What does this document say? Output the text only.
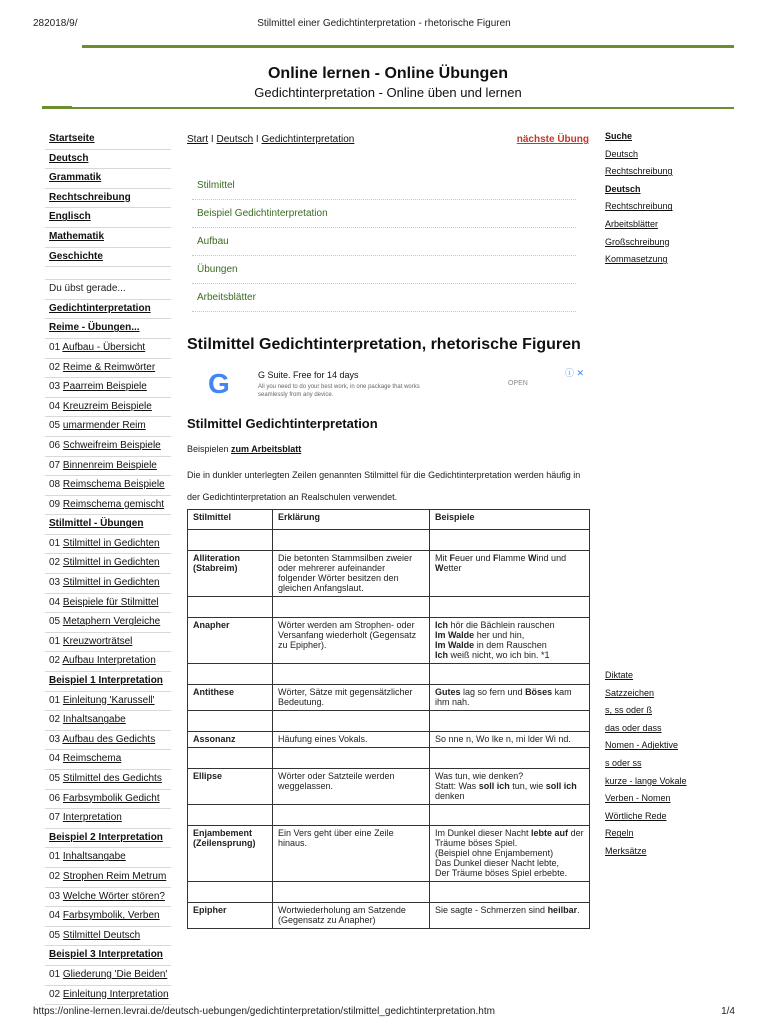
282018/9/	Stilmittel einer Gedichtinterpretation - rhetorische Figuren
Online lernen - Online Übungen
Gedichtinterpretation - Online üben und lernen
Startseite
Deutsch
Grammatik
Rechtschreibung
Englisch
Mathematik
Geschichte
Du übst gerade...
Gedichtinterpretation
Reime - Übungen...
01 Aufbau - Übersicht
02 Reime & Reimwörter
03 Paarreim Beispiele
04 Kreuzreim Beispiele
05 umarmender Reim
06 Schweifreim Beispiele
07 Binnenreim Beispiele
08 Reimschema Beispiele
09 Reimschema gemischt
Stilmittel - Übungen
01 Stilmittel in Gedichten
02 Stilmittel in Gedichten
03 Stilmittel in Gedichten
04 Beispiele für Stilmittel
05 Metaphern Vergleiche
01 Kreuzworträtsel
02 Aufbau Interpretation
Beispiel 1 Interpretation
01 Einleitung 'Karussell'
02 Inhaltsangabe
03 Aufbau des Gedichts
04 Reimschema
05 Stilmittel des Gedichts
06 Farbsymbolik Gedicht
07 Interpretation
Beispiel 2 Interpretation
01 Inhaltsangabe
02 Strophen Reim Metrum
03 Welche Wörter stören?
04 Farbsymbolik, Verben
05 Stilmittel Deutsch
Beispiel 3 Interpretation
01 Gliederung 'Die Beiden'
02 Einleitung Interpretation
Start I Deutsch I Gedichtinterpretation	nächste Übung
Stilmittel
Beispiel Gedichtinterpretation
Aufbau
Übungen
Arbeitsblätter
Stilmittel Gedichtinterpretation, rhetorische Figuren
G	G Suite. Free for 14 days
All you need to do your best work, in one package that works seamlessly from any device.
OPEN
ⓘ ✕
Stilmittel Gedichtinterpretation
Beispielen zum Arbeitsblatt
Die in dunkler unterlegten Zeilen genannten Stilmittel für die Gedichtinterpretation werden häufig in der Gedichtinterpretation an Realschulen verwendet.
Stilmittel	Erklärung	Beispiele

Alliteration (Stabreim)	Die betonten Stammsilben zweier oder mehrerer aufeinander folgender Wörter besitzen den gleichen Anfangslaut.	Mit Feuer und Flamme Wind und Wetter

Anapher	Wörter werden am Strophen- oder Versanfang wiederholt (Gegensatz zu Epipher).	Ich hör die Bächlein rauschen
Im Walde her und hin,
Im Walde in dem Rauschen
Ich weiß nicht, wo ich bin. *1

Antithese	Wörter, Sätze mit gegensätzlicher Bedeutung.	Gutes lag so fern und Böses kam ihm nah.

Assonanz	Häufung eines Vokals.	So nne n, Wo lke n, mi lder Wi nd.

Ellipse	Wörter oder Satzteile werden weggelassen.	Was tun, wie denken?
Statt: Was soll ich tun, wie soll ich denken

Enjambement (Zeilensprung)	Ein Vers geht über eine Zeile hinaus.	Im Dunkel dieser Nacht lebte auf der Träume böses Spiel.
(Beispiel ohne Enjambement)
Das Dunkel dieser Nacht lebte,
Der Träume böses Spiel erbebte.

Epipher	Wortwiederholung am Satzende (Gegensatz zu Anapher)	Sie sagte - Schmerzen sind heilbar.
Suche
Deutsch
Rechtschreibung
Deutsch
Rechtschreibung
Arbeitsblätter
Großschreibung
Kommasetzung
Diktate
Satzzeichen
s, ss oder ß
das oder dass
Nomen - Adjektive
s oder ss
kurze - lange Vokale
Verben - Nomen
Wörtliche Rede
Regeln
Merksätze
https://online-lernen.levrai.de/deutsch-uebungen/gedichtinterpretation/stilmittel_gedichtinterpretation.htm	1/4
